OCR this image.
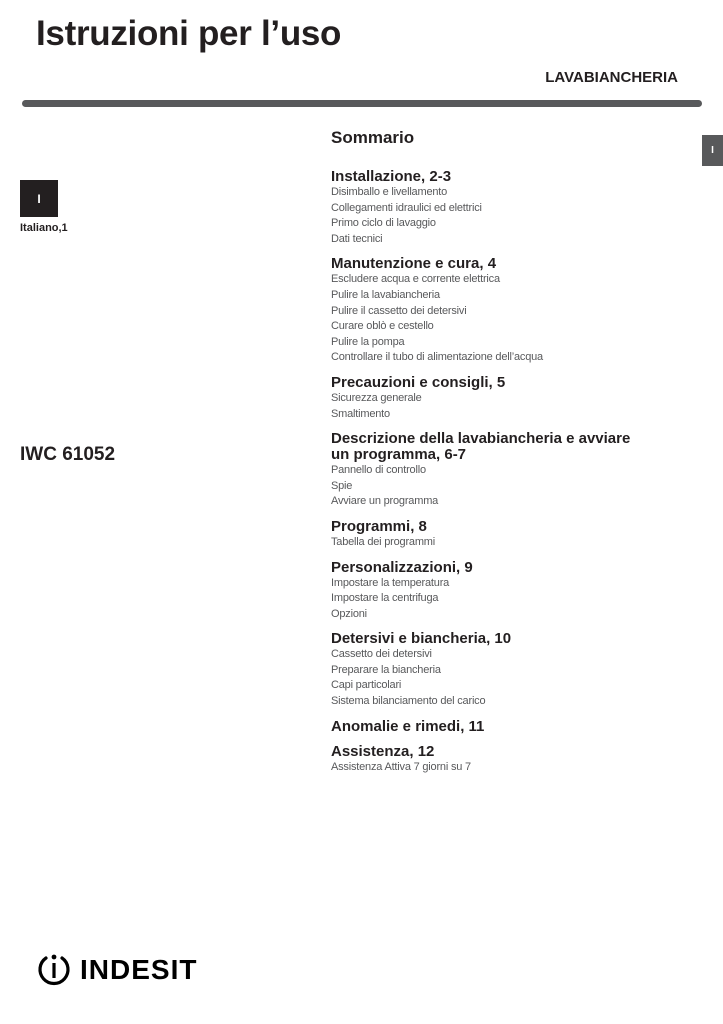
Istruzioni per l’uso
LAVABIANCHERIA
I
Italiano,1
IWC 61052
I
Sommario
Installazione, 2-3
Disimballo e livellamento
Collegamenti idraulici ed elettrici
Primo ciclo di lavaggio
Dati tecnici
Manutenzione e cura, 4
Escludere acqua e corrente elettrica
Pulire la lavabiancheria
Pulire il cassetto dei detersivi
Curare oblò e cestello
Pulire la pompa
Controllare il tubo di alimentazione dell’acqua
Precauzioni e consigli, 5
Sicurezza generale
Smaltimento
Descrizione della lavabiancheria e avviare un programma, 6-7
Pannello di controllo
Spie
Avviare un programma
Programmi, 8
Tabella dei programmi
Personalizzazioni, 9
Impostare la temperatura
Impostare la centrifuga
Opzioni
Detersivi e biancheria, 10
Cassetto dei detersivi
Preparare la biancheria
Capi particolari
Sistema bilanciamento del carico
Anomalie e rimedi, 11
Assistenza, 12
Assistenza Attiva 7 giorni su 7
INDESIT
